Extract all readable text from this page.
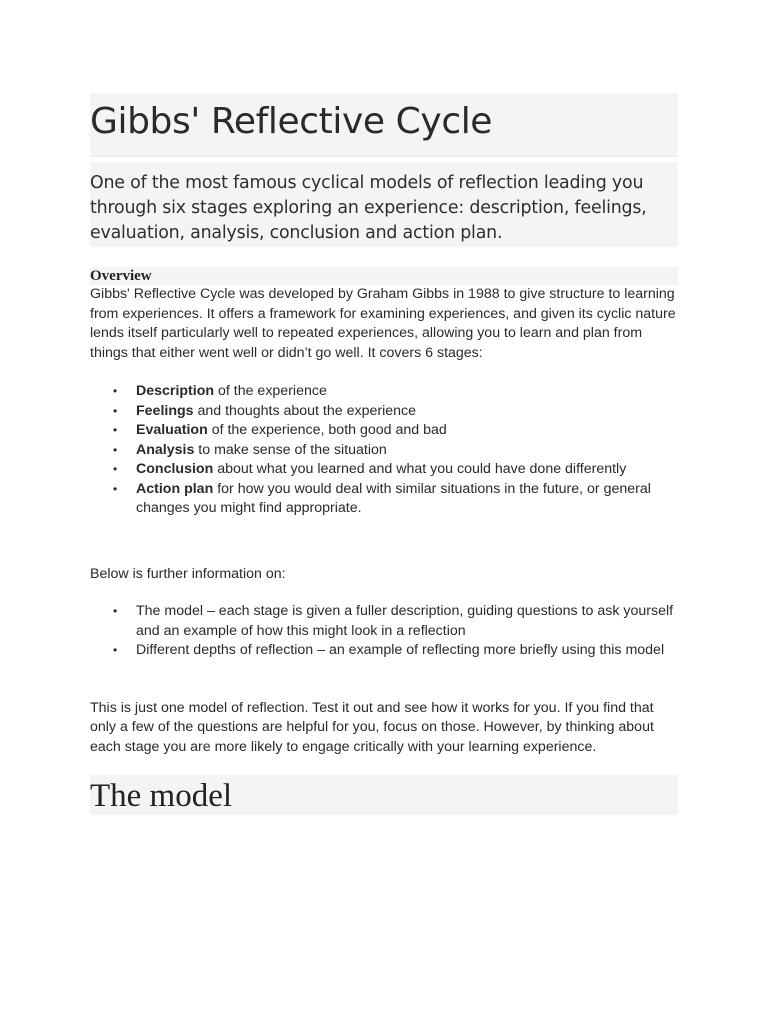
Gibbs' Reflective Cycle

One of the most famous cyclical models of reflection leading you through six stages exploring an experience: description, feelings, evaluation, analysis, conclusion and action plan.

Overview

Gibbs' Reflective Cycle was developed by Graham Gibbs in 1988 to give structure to learning from experiences. It offers a framework for examining experiences, and given its cyclic nature lends itself particularly well to repeated experiences, allowing you to learn and plan from things that either went well or didn’t go well. It covers 6 stages:

• Description of the experience
• Feelings and thoughts about the experience
• Evaluation of the experience, both good and bad
• Analysis to make sense of the situation
• Conclusion about what you learned and what you could have done differently
• Action plan for how you would deal with similar situations in the future, or general changes you might find appropriate.

Below is further information on:

• The model – each stage is given a fuller description, guiding questions to ask yourself and an example of how this might look in a reflection
• Different depths of reflection – an example of reflecting more briefly using this model

This is just one model of reflection. Test it out and see how it works for you. If you find that only a few of the questions are helpful for you, focus on those. However, by thinking about each stage you are more likely to engage critically with your learning experience.

The model
